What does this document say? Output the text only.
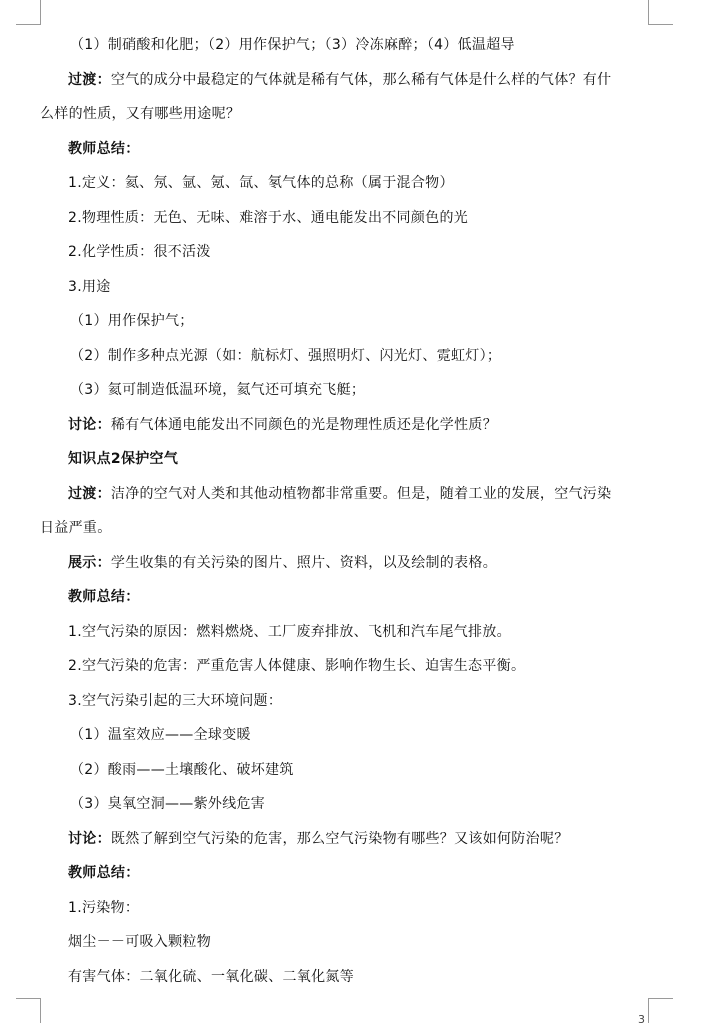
（1）制硝酸和化肥；（2）用作保护气；（3）冷冻麻醉；（4）低温超导
过渡：空气的成分中最稳定的气体就是稀有气体，那么稀有气体是什么样的气体？有什
么样的性质，又有哪些用途呢？
教师总结：
1.定义：氦、氖、氩、氪、氙、氡气体的总称（属于混合物）
2.物理性质：无色、无味、难溶于水、通电能发出不同颜色的光
2.化学性质：很不活泼
3.用途
（1）用作保护气；
（2）制作多种点光源（如：航标灯、强照明灯、闪光灯、霓虹灯）；
（3）氦可制造低温环境，氦气还可填充飞艇；
讨论：稀有气体通电能发出不同颜色的光是物理性质还是化学性质？
知识点2保护空气
过渡：洁净的空气对人类和其他动植物都非常重要。但是，随着工业的发展，空气污染
日益严重。
展示：学生收集的有关污染的图片、照片、资料，以及绘制的表格。
教师总结：
1.空气污染的原因：燃料燃烧、工厂废弃排放、飞机和汽车尾气排放。
2.空气污染的危害：严重危害人体健康、影响作物生长、迫害生态平衡。
3.空气污染引起的三大环境问题：
（1）温室效应——全球变暖
（2）酸雨——土壤酸化、破坏建筑
（3）臭氧空洞——紫外线危害
讨论：既然了解到空气污染的危害，那么空气污染物有哪些？又该如何防治呢？
教师总结：
1.污染物：
烟尘－－可吸入颗粒物
有害气体：二氧化硫、一氧化碳、二氧化氮等
3
